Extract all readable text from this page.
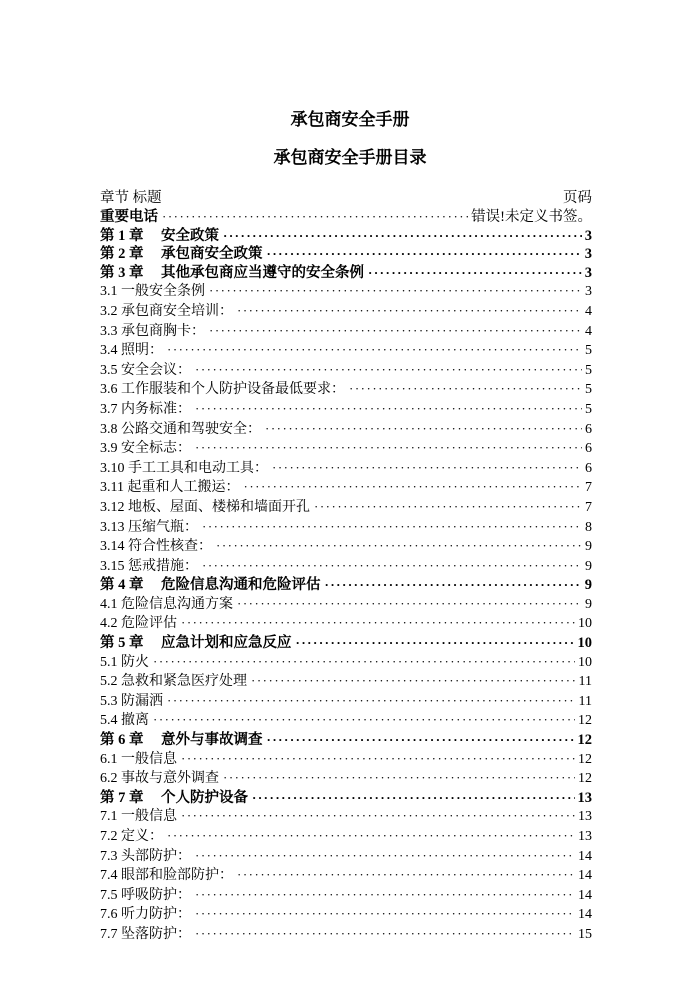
承包商安全手册
承包商安全手册目录
章节 标题	页码
重要电话 ·····	错误!未定义书签。
第 1 章	安全政策 ·····	3
第 2 章	承包商安全政策 ·····	3
第 3 章	其他承包商应当遵守的安全条例 ·····	3
3.1 一般安全条例 ·····	3
3.2 承包商安全培训： ·····	4
3.3 承包商胸卡： ·····	4
3.4 照明： ·····	5
3.5 安全会议： ·····	5
3.6 工作服装和个人防护设备最低要求： ·····	5
3.7 内务标准： ·····	5
3.8 公路交通和驾驶安全： ·····	6
3.9 安全标志： ·····	6
3.10 手工工具和电动工具： ·····	6
3.11 起重和人工搬运： ·····	7
3.12 地板、屋面、楼梯和墙面开孔 ·····	7
3.13 压缩气瓶： ·····	8
3.14 符合性核查： ·····	9
3.15 惩戒措施： ·····	9
第 4 章	危险信息沟通和危险评估 ·····	9
4.1 危险信息沟通方案 ·····	9
4.2 危险评估 ·····	10
第 5 章	应急计划和应急反应 ·····	10
5.1 防火 ·····	10
5.2 急救和紧急医疗处理 ·····	11
5.3 防漏洒 ·····	11
5.4 撤离 ·····	12
第 6 章	意外与事故调查 ·····	12
6.1 一般信息 ·····	12
6.2 事故与意外调查 ·····	12
第 7 章	个人防护设备 ·····	13
7.1 一般信息 ·····	13
7.2 定义： ·····	13
7.3 头部防护： ·····	14
7.4 眼部和脸部防护： ·····	14
7.5 呼吸防护： ·····	14
7.6 听力防护： ·····	14
7.7 坠落防护： ·····	15
